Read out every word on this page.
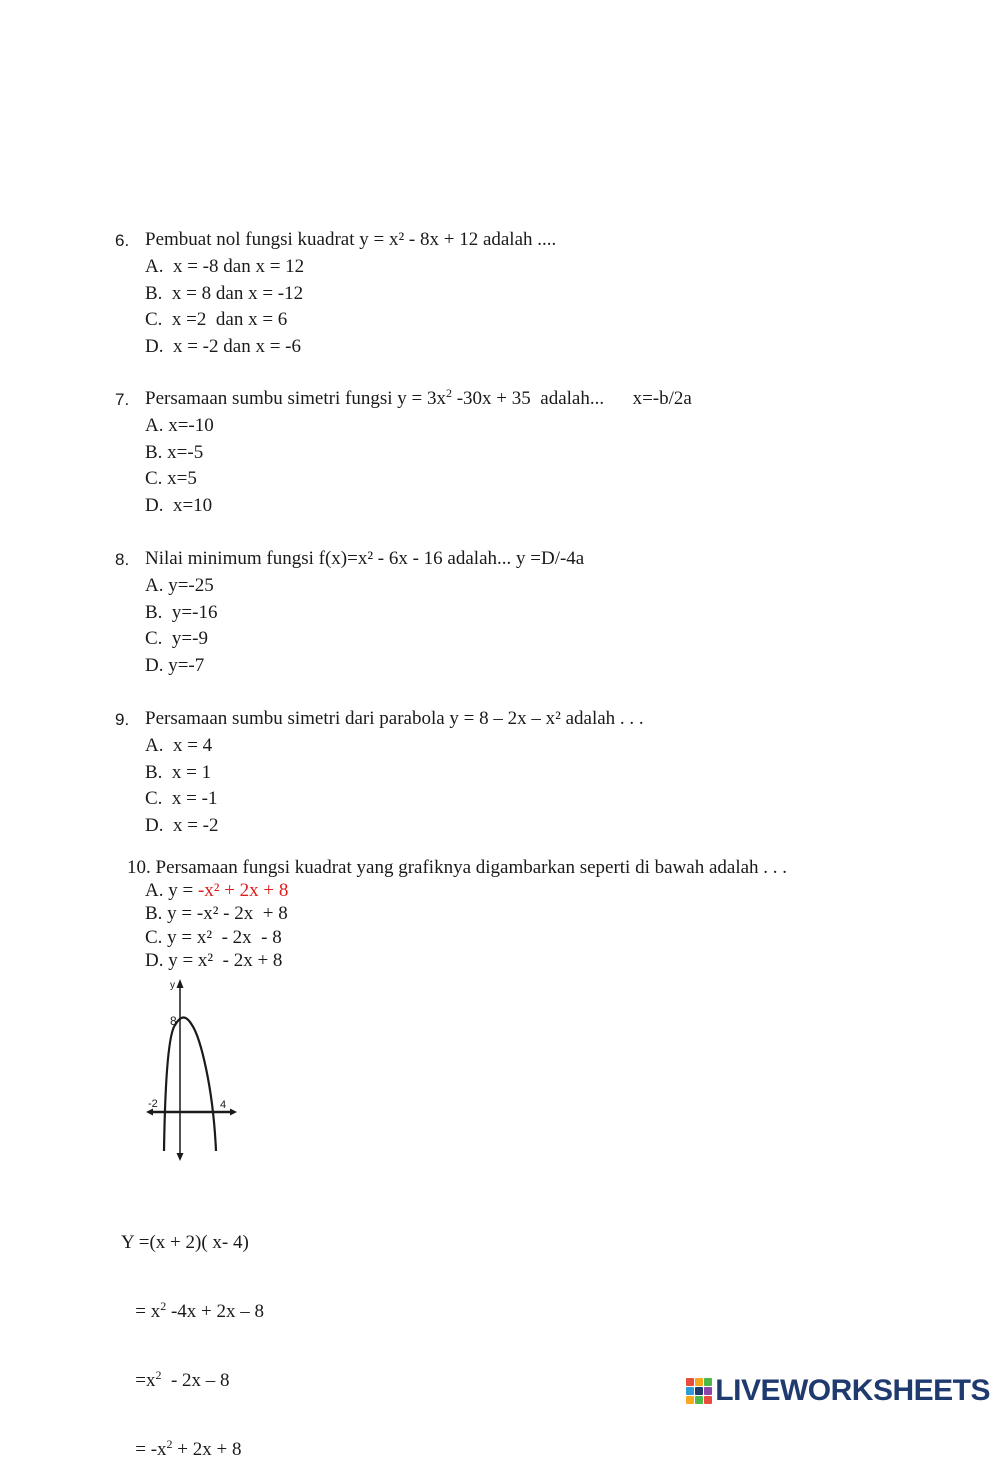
6. Pembuat nol fungsi kuadrat y = x² - 8x + 12 adalah ....
A.  x = -8 dan x = 12
B.  x = 8 dan x = -12
C.  x =2  dan x = 6
D.  x = -2 dan x = -6
7. Persamaan sumbu simetri fungsi $y = 3x^2$ -30x + 35  adalah...      x=-b/2a
A. x=-10
B. x=-5
C. x=5
D.  x=10
8. Nilai minimum fungsi f(x)=x² - 6x - 16 adalah... y =D/-4a
A. y=-25
B.  y=-16
C.  y=-9
D. y=-7
9. Persamaan sumbu simetri dari parabola y = 8 – 2x – x² adalah . . .
A.  x = 4
B.  x = 1
C.  x = -1
D.  x = -2
10. Persamaan fungsi kuadrat yang grafiknya digambarkan seperti di bawah adalah . . .
A. y = -x² + 2x + 8
B. y = -x² - 2x  + 8
C. y = x²  - 2x  - 8
D. y = x²  - 2x + 8
y
8
-2	4

Y =(x + 2)( x- 4)

= $x^2$ -4x + 2x – 8

$=x^2 - 2x - 8$

= $-x^2 + 2x + 8$

LIVEWORKSHEETS
